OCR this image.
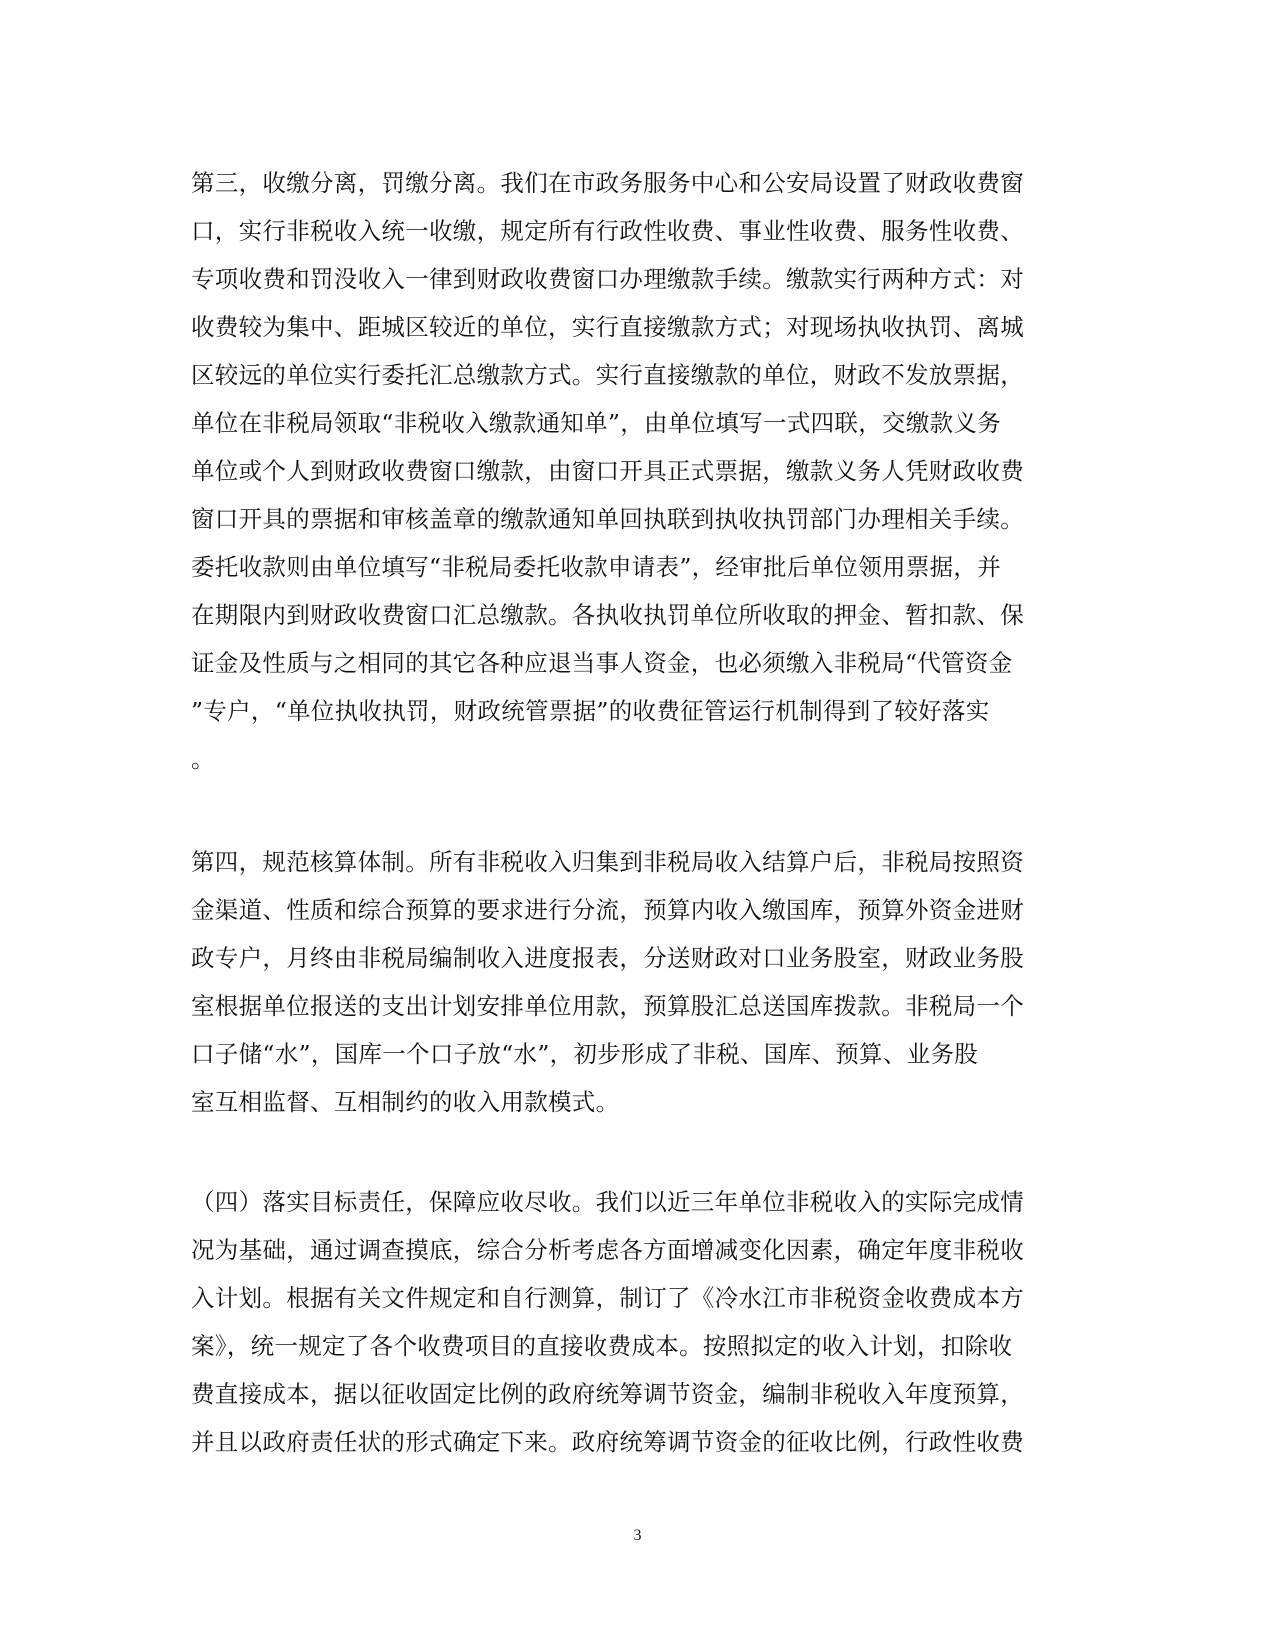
第三，收缴分离，罚缴分离。我们在市政务服务中心和公安局设置了财政收费窗
口，实行非税收入统一收缴，规定所有行政性收费、事业性收费、服务性收费、
专项收费和罚没收入一律到财政收费窗口办理缴款手续。缴款实行两种方式：对
收费较为集中、距城区较近的单位，实行直接缴款方式；对现场执收执罚、离城
区较远的单位实行委托汇总缴款方式。实行直接缴款的单位，财政不发放票据，
单位在非税局领取“非税收入缴款通知单”，由单位填写一式四联，交缴款义务
单位或个人到财政收费窗口缴款，由窗口开具正式票据，缴款义务人凭财政收费
窗口开具的票据和审核盖章的缴款通知单回执联到执收执罚部门办理相关手续。
委托收款则由单位填写“非税局委托收款申请表”，经审批后单位领用票据，并
在期限内到财政收费窗口汇总缴款。各执收执罚单位所收取的押金、暂扣款、保
证金及性质与之相同的其它各种应退当事人资金，也必须缴入非税局“代管资金
”专户，“单位执收执罚，财政统管票据”的收费征管运行机制得到了较好落实
。
第四，规范核算体制。所有非税收入归集到非税局收入结算户后，非税局按照资
金渠道、性质和综合预算的要求进行分流，预算内收入缴国库，预算外资金进财
政专户，月终由非税局编制收入进度报表，分送财政对口业务股室，财政业务股
室根据单位报送的支出计划安排单位用款，预算股汇总送国库拨款。非税局一个
口子储“水”，国库一个口子放“水”，初步形成了非税、国库、预算、业务股
室互相监督、互相制约的收入用款模式。
（四）落实目标责任，保障应收尽收。我们以近三年单位非税收入的实际完成情
况为基础，通过调查摸底，综合分析考虑各方面增减变化因素，确定年度非税收
入计划。根据有关文件规定和自行测算，制订了《冷水江市非税资金收费成本方
案》，统一规定了各个收费项目的直接收费成本。按照拟定的收入计划，扣除收
费直接成本，据以征收固定比例的政府统筹调节资金，编制非税收入年度预算，
并且以政府责任状的形式确定下来。政府统筹调节资金的征收比例，行政性收费
3
